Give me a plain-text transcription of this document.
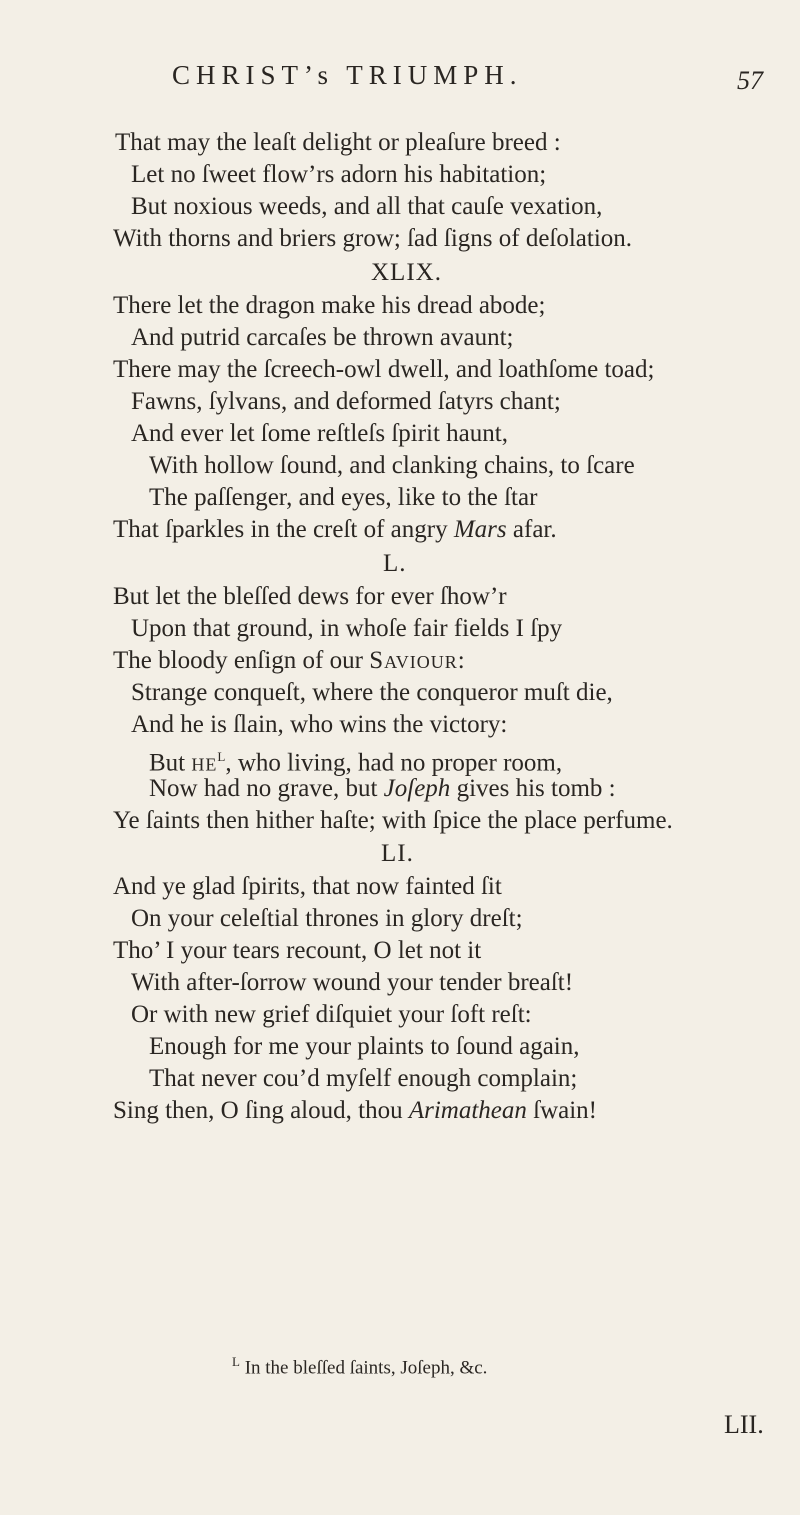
CHRIST’s TRIUMPH.	57
That may the leaſt delight or pleaſure breed :
Let no ſweet flow’rs adorn his habitation;
But noxious weeds, and all that cauſe vexation,
With thorns and briers grow; ſad ſigns of deſolation.
XLIX.
There let the dragon make his dread abode;
And putrid carcaſes be thrown avaunt;
There may the ſcreech-owl dwell, and loathſome toad;
Fawns, ſylvans, and deformed ſatyrs chant;
And ever let ſome reſtleſs ſpirit haunt,
With hollow ſound, and clanking chains, to ſcare
The paſſenger, and eyes, like to the ſtar
That ſparkles in the creſt of angry Mars afar.
L.
But let the bleſſed dews for ever ſhow’r
Upon that ground, in whoſe fair fields I ſpy
The bloody enſign of our Saviour:
Strange conqueſt, where the conqueror muſt die,
And he is ſlain, who wins the victory:
But he$^L$, who living, had no proper room,
Now had no grave, but Joſeph gives his tomb :
Ye ſaints then hither haſte; with ſpice the place perfume.
LI.
And ye glad ſpirits, that now fainted ſit
On your celeſtial thrones in glory dreſt;
Tho’ I your tears recount, O let not it
With after-ſorrow wound your tender breaſt!
Or with new grief diſquiet your ſoft reſt:
Enough for me your plaints to ſound again,
That never cou’d myſelf enough complain;
Sing then, O ſing aloud, thou Arimathean ſwain!
$^L$ In the bleſſed ſaints, Joſeph, &c.
LII.
